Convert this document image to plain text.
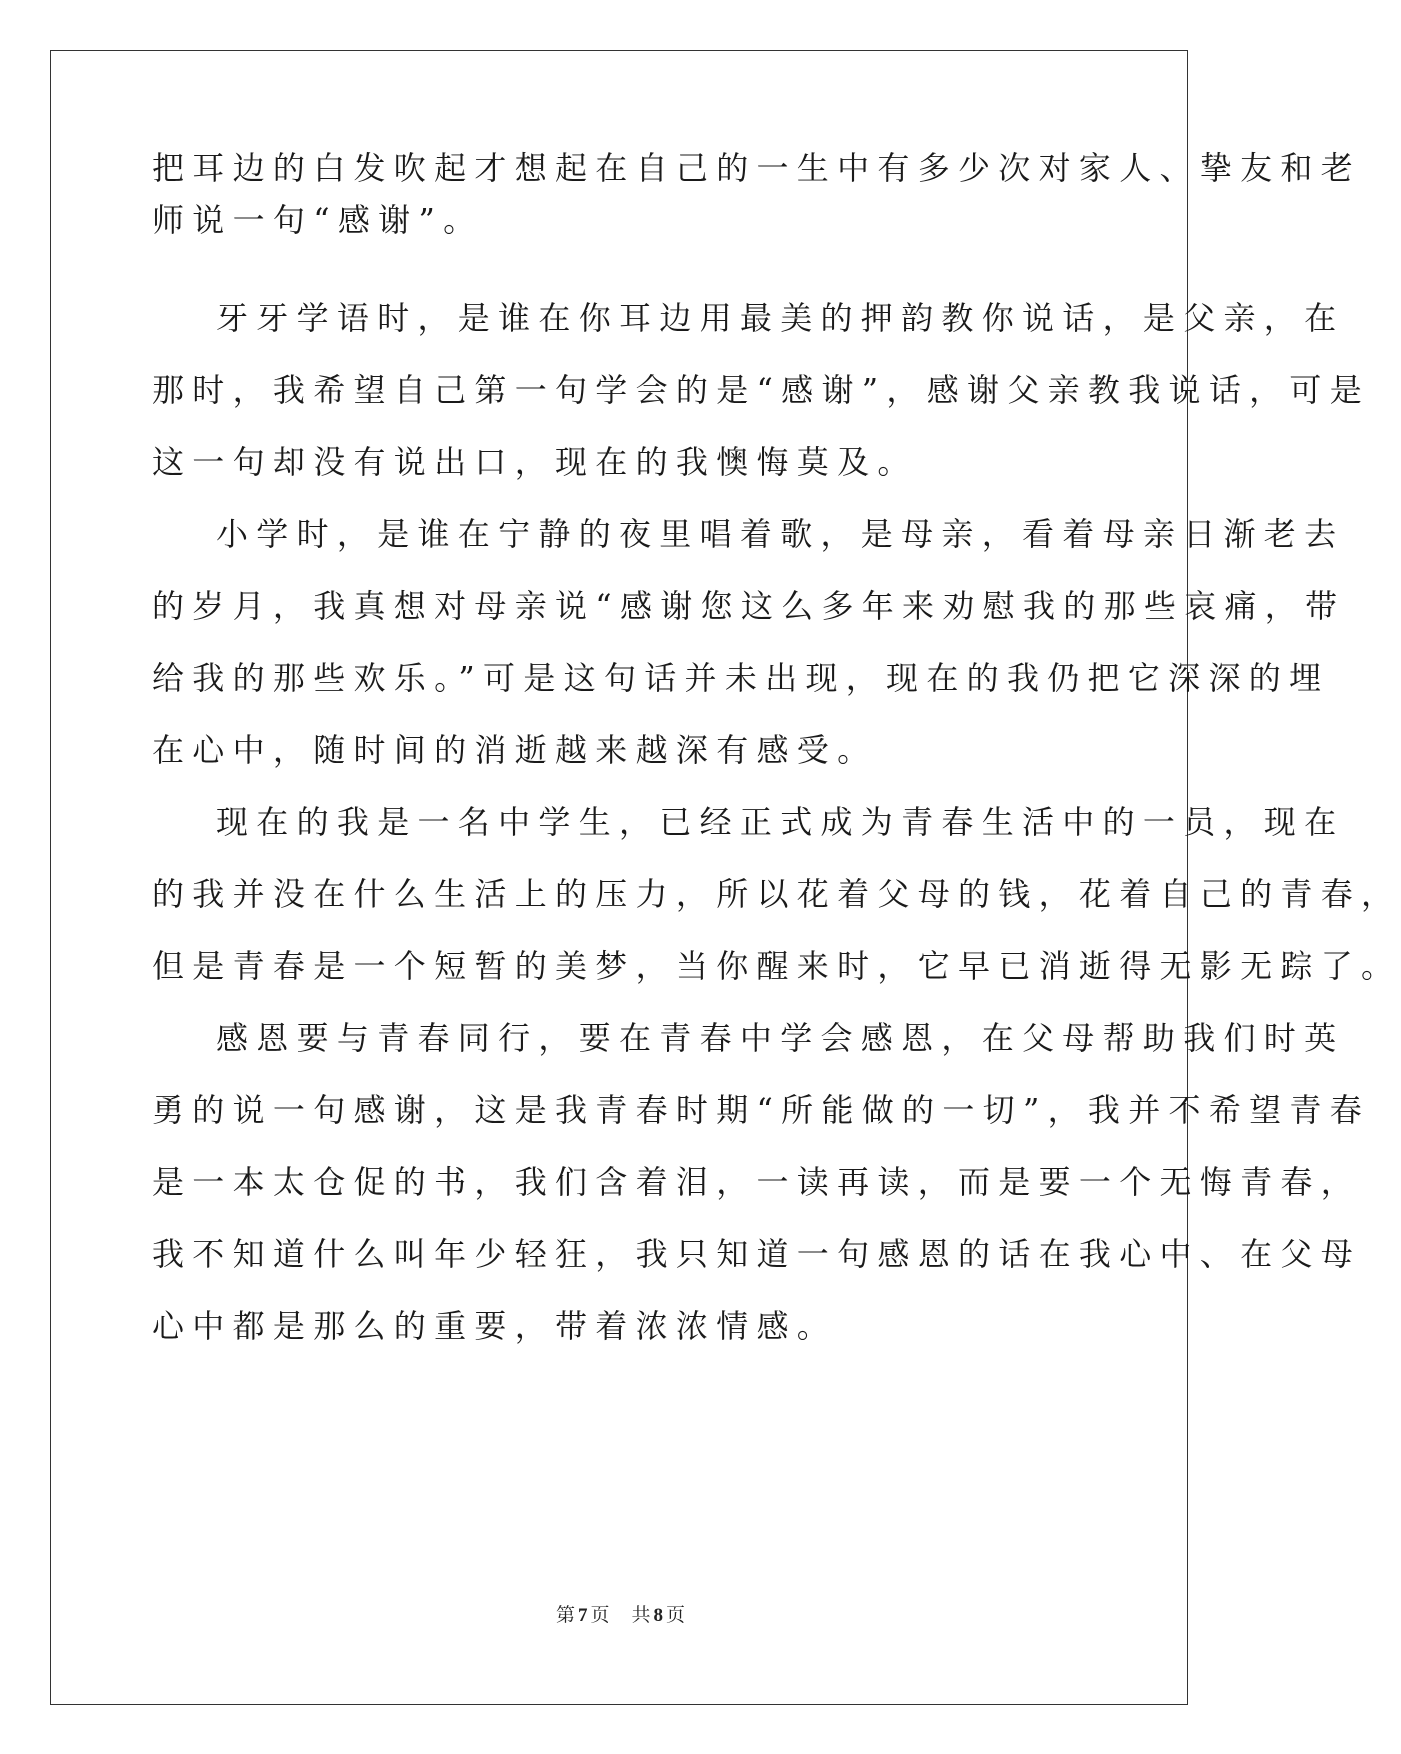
把耳边的白发吹起才想起在自己的一生中有多少次对家人、挚友和老
师说一句“感谢”。
牙牙学语时，是谁在你耳边用最美的押韵教你说话，是父亲，在
那时，我希望自己第一句学会的是“感谢”，感谢父亲教我说话，可是
这一句却没有说出口，现在的我懊悔莫及。
小学时，是谁在宁静的夜里唱着歌，是母亲，看着母亲日渐老去
的岁月，我真想对母亲说“感谢您这么多年来劝慰我的那些哀痛，带
给我的那些欢乐。”可是这句话并未出现，现在的我仍把它深深的埋
在心中，随时间的消逝越来越深有感受。
现在的我是一名中学生，已经正式成为青春生活中的一员，现在
的我并没在什么生活上的压力，所以花着父母的钱，花着自己的青春，
但是青春是一个短暂的美梦，当你醒来时，它早已消逝得无影无踪了。
感恩要与青春同行，要在青春中学会感恩，在父母帮助我们时英
勇的说一句感谢，这是我青春时期“所能做的一切”，我并不希望青春
是一本太仓促的书，我们含着泪，一读再读，而是要一个无悔青春，
我不知道什么叫年少轻狂，我只知道一句感恩的话在我心中、在父母
心中都是那么的重要，带着浓浓情感。
第 7 页 共 8 页
